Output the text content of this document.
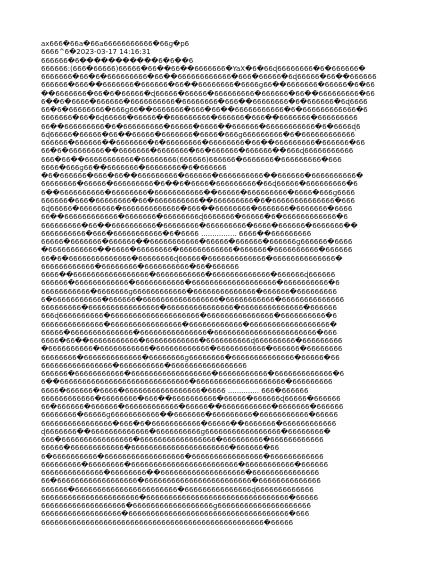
ax666�66a�66a66666666666�66ɡ�p6
6666^6�2023-03-17 14:16:31
666666�6�����������6�6��6
666666:(666�66666)66666�66��66��6666666�YaX�6�66ɖ66666666�6�666666�
6666666�66�6�666666666�66��666666666666�666�66666�6ɖ66666�66��666666
666666�666��6666666�666666�66��66666666�6666ɡ66��6666666�66666�6�66
��6666666�66�6�66666�ɖ66666�66666�666666666�666666�66��666666666�66
6��6�6666�666666�6666666666�66666666�666��66666666�6�666666�6ɖ6666
66�6�66666666�666ɡ66��6666666�666�66��66666666666�6�666666666666�6
6666666�66�6ɖ66666�66666��666666666�666666�666��6666666�666666666
66��666666666�6�666666666�66666�6666��666666�66666666666�6�6666ɖ6
6ɖ66666�66666�66��66666�6666666�6666�666ɡ666666666�6�666666666666
666666�666666��6666666�6�66666666�66666666�66��666666666�666666�66
66�6�66666666��6666666�6666666�66�666666�666666��666ɖ66666666666
666�66��66666666666�66666666(666666)666666�6666666�666666666�666
6666�666ɡ66��6666666�66666666�6�666666
�6�666666�666�66��666666666�666666�6666666666��666666�6666666666�
66666666�66666�666666666�6��6�6666�666666666�66ɖ66666�666666666�6
6��6666666666�66666666�66666666666��66666�666666666�6666�666ɡ6666
666666�666�66666666�66�6666666666��666666666�6�66666666666666�666
6ɖ66666�66666666�6666666666666�666��66666666�6666666�6666666�6666
66��666666666666�6666666�66666666ɖ6666666�66666�6�666666666666�6
666666666�66��6666666666�66666666�666666666�6666�666666�6666666��
6666666666�666�66666666666�6�6666 ................ 6666��666666666
66666�6666666�666666��66666666666�66666�666666�666666ɡ666666�6666
�66666666666��6666�66666666�666666666666�666666�6666666666�666666
66�6�66666666666666�66666666ɖ66666�6666666666666�66666666666666�
666666666666�66666666�6666666666�66�666666
6666��66666666666666666�66666666666�6666666666666�666666ɖ666666
666666�666666666666�66666666666�6666666666666666666�6666666666�6
66666666666�6666666ɡ666666666666�66666666666666�666666�666666666
6�66666666666�666666�66666666666666666�66666666666�66666666666666
666666666�6666666666666666�666666666666666�66666666666666�666666
666ɖ6666666666�66666666666666666666�666666666666666�6666666666�6
66666666666666�6666666666666666�666666666666�666666666666666666�
66666�66666666666666�666666666666666�66666666666666666666666�666
6666�66��66666666666�666666666666�6666666666ɖ666666666�666666666
�6666666666�66666666666�666666666666�66666666666�666666�66666666
66666666�6666666666666�66666666ɡ66666666�66666666666666�66666�66
6666666666666666�6666666666�66666666666666666
666666�66666666666�666666666666666666�66666666666�6666666666666�6
6��66666666666666666666666666666�66666666666666666666�666666666
6666�666666�6666�66666666666666666�6666 .............. 666�666666
666666666666�66666666�666��6666666666�66666�666666ɖ66666�666666
66�666666�666666�666666666666�66666��66666666666�6666666�666666
66666666�66666ɡ66666666666��6666666�666666666�66666666666�66666
6666666666666666�666�6�66666666666�66666��6666666�666666666666
ɖ6666666��6666666666666�6666666666ɡ66666666666666666�66666666�
666�6666666666666666�66666666666666666�666666666�666666666666
66666�666666666666�6666666666666666666666�666666�66
6�6666666666�666666666666666666�6666666666666666�666666666666
666666666�66666666�666666666666666666666666�66666666666�666666
66666666666666�66666666��6666666666666666666�666666666666666
66�666666666666666666�666666666666666666666666�66666666666666
666666�66666666666666666666666�666666666666666ɖ6666666666666
6666666666666666666666�66666666666666666666666666666666�66666
6666666666666666666�666666666666666666ɡ666666666666666666666
666666666666666666�666666666666666666666666666666666666�666
66666666666666666666666666666666666666666666666666�66666
